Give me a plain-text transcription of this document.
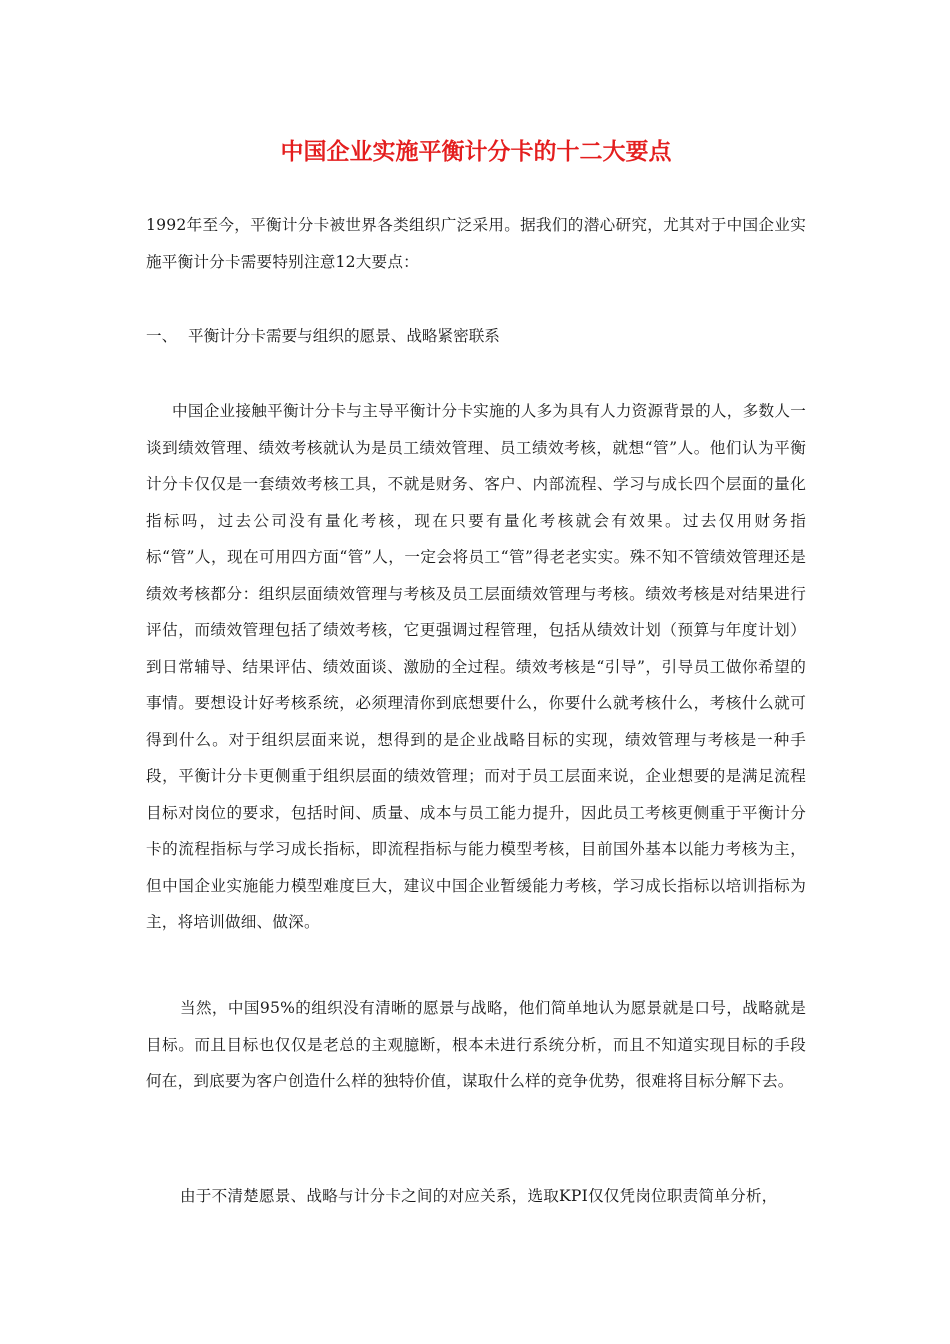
中国企业实施平衡计分卡的十二大要点

1992年至今，平衡计分卡被世界各类组织广泛采用。据我们的潜心研究，尤其对于中国企业实施平衡计分卡需要特别注意12大要点：

一、 平衡计分卡需要与组织的愿景、战略紧密联系

中国企业接触平衡计分卡与主导平衡计分卡实施的人多为具有人力资源背景的人，多数人一谈到绩效管理、绩效考核就认为是员工绩效管理、员工绩效考核，就想“管”人。他们认为平衡计分卡仅仅是一套绩效考核工具，不就是财务、客户、内部流程、学习与成长四个层面的量化指标吗，过去公司没有量化考核，现在只要有量化考核就会有效果。过去仅用财务指标“管”人，现在可用四方面“管”人，一定会将员工“管”得老老实实。殊不知不管绩效管理还是绩效考核都分：组织层面绩效管理与考核及员工层面绩效管理与考核。绩效考核是对结果进行评估，而绩效管理包括了绩效考核，它更强调过程管理，包括从绩效计划（预算与年度计划）到日常辅导、结果评估、绩效面谈、激励的全过程。绩效考核是“引导”，引导员工做你希望的事情。要想设计好考核系统，必须理清你到底想要什么，你要什么就考核什么，考核什么就可得到什么。对于组织层面来说，想得到的是企业战略目标的实现，绩效管理与考核是一种手段，平衡计分卡更侧重于组织层面的绩效管理；而对于员工层面来说，企业想要的是满足流程目标对岗位的要求，包括时间、质量、成本与员工能力提升，因此员工考核更侧重于平衡计分卡的流程指标与学习成长指标，即流程指标与能力模型考核，目前国外基本以能力考核为主，但中国企业实施能力模型难度巨大，建议中国企业暂缓能力考核，学习成长指标以培训指标为主，将培训做细、做深。

当然，中国95%的组织没有清晰的愿景与战略，他们简单地认为愿景就是口号，战略就是目标。而且目标也仅仅是老总的主观臆断，根本未进行系统分析，而且不知道实现目标的手段何在，到底要为客户创造什么样的独特价值，谋取什么样的竞争优势，很难将目标分解下去。

由于不清楚愿景、战略与计分卡之间的对应关系，选取KPI仅仅凭岗位职责简单分析，
